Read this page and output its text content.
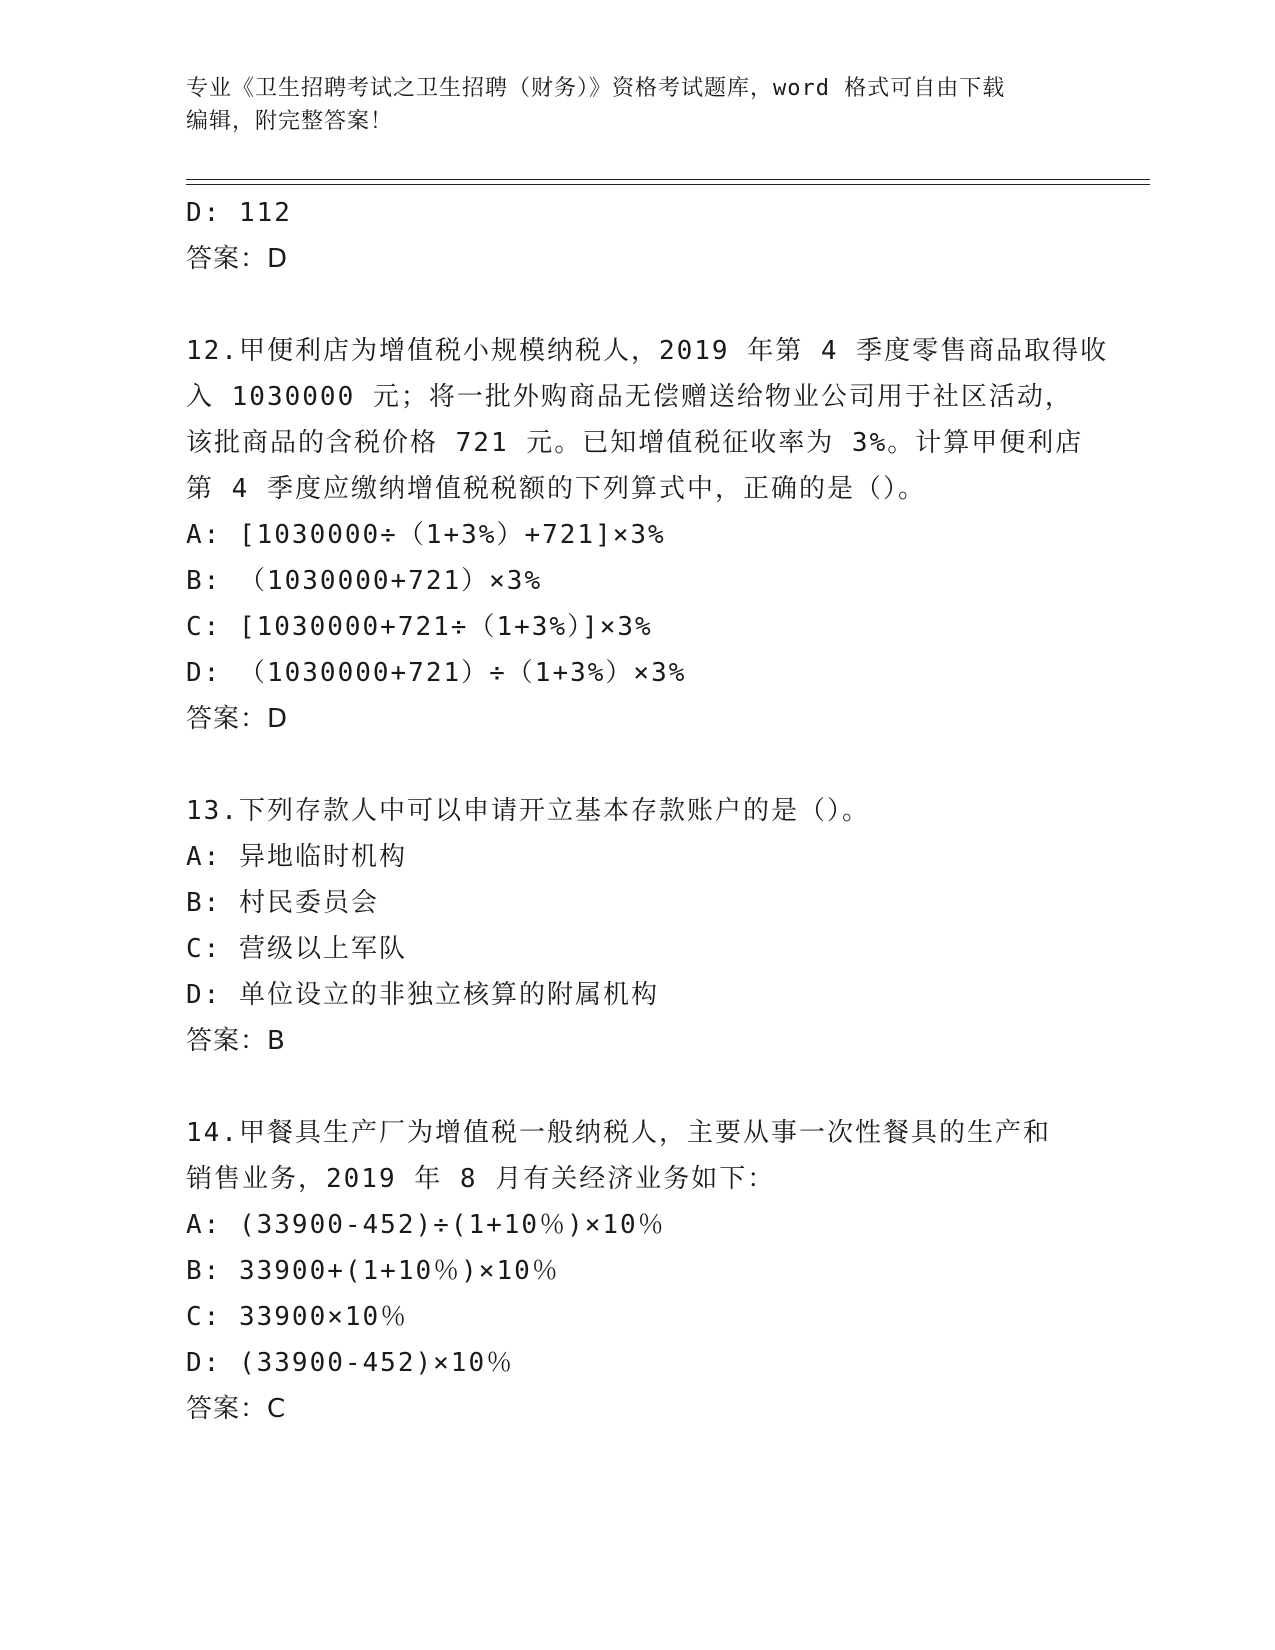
专业《卫生招聘考试之卫生招聘（财务）》资格考试题库，word 格式可自由下载
编辑，附完整答案！
D: 112
答案：D
12.甲便利店为增值税小规模纳税人，2019 年第 4 季度零售商品取得收
入 1030000 元；将一批外购商品无偿赠送给物业公司用于社区活动，
该批商品的含税价格 721 元。已知增值税征收率为 3%。计算甲便利店
第 4 季度应缴纳增值税税额的下列算式中，正确的是（）。
A: [1030000÷（1+3%）+721]×3%
B: （1030000+721）×3%
C: [1030000+721÷（1+3%）]×3%
D: （1030000+721）÷（1+3%）×3%
答案：D
13.下列存款人中可以申请开立基本存款账户的是（）。
A: 异地临时机构
B: 村民委员会
C: 营级以上军队
D: 单位设立的非独立核算的附属机构
答案：B
14.甲餐具生产厂为增值税一般纳税人，主要从事一次性餐具的生产和
销售业务，2019 年 8 月有关经济业务如下：
A: (33900-452)÷(1+10％)×10％
B: 33900+(1+10％)×10％
C: 33900×10％
D: (33900-452)×10％
答案：C
